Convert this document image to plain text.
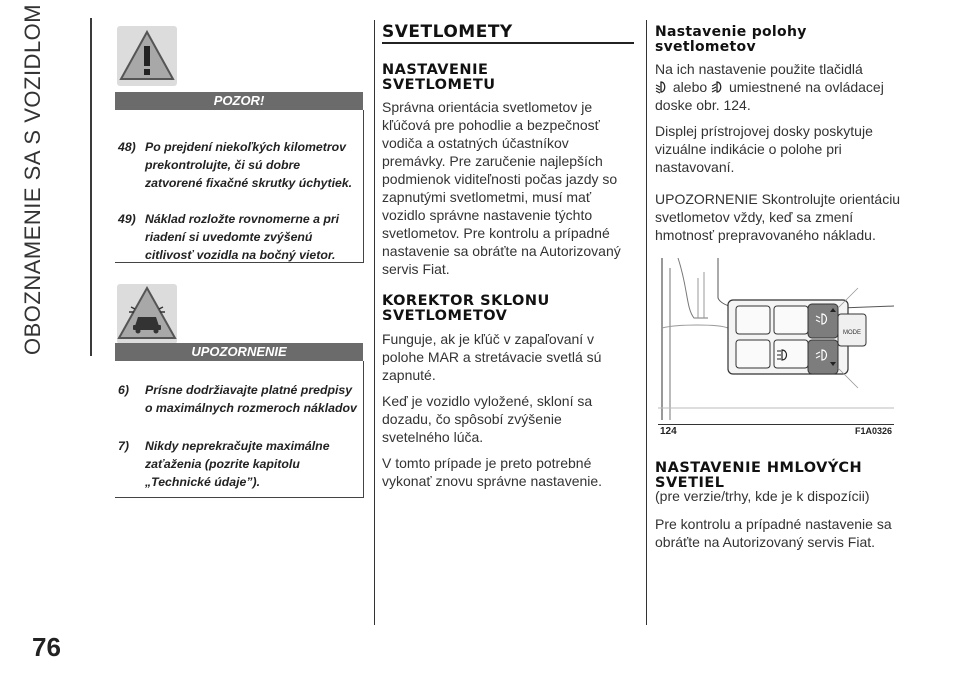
OBOZNAMENIE SA S VOZIDLOM
76
POZOR!
48) Po prejdení niekoľkých kilometrov prekontrolujte, či sú dobre zatvorené fixačné skrutky úchytiek.
49) Náklad rozložte rovnomerne a pri riadení si uvedomte zvýšenú citlivosť vozidla na bočný vietor.
UPOZORNENIE
6)	Prísne dodržiavajte platné predpisy o maximálnych rozmeroch nákladov
7)	Nikdy neprekračujte maximálne zaťaženia (pozrite kapitolu „Technické údaje”).
SVETLOMETY
NASTAVENIE
SVETLOMETU
Správna orientácia svetlometov je
kľúčová pre pohodlie a bezpečnosť
vodiča a ostatných účastníkov
premávky. Pre zaručenie najlepších
podmienok viditeľnosti počas jazdy so
zapnutými svetlometmi, musí mať
vozidlo správne nastavenie týchto
svetlometov. Pre kontrolu a prípadné
nastavenie sa obráťte na Autorizovaný
servis Fiat.
KOREKTOR SKLONU
SVETLOMETOV
Funguje, ak je kľúč v zapaľovaní v
polohe MAR a stretávacie svetlá sú
zapnuté.
Keď je vozidlo vyložené, skloní sa
dozadu, čo spôsobí zvýšenie
svetelného lúča.
V tomto prípade je preto potrebné
vykonať znovu správne nastavenie.
Nastavenie polohy
svetlometov
Na ich nastavenie použite tlačidlá
alebo umiestnené na ovládacej
doske obr. 124.
Displej prístrojovej dosky poskytuje
vizuálne indikácie o polohe pri
nastavovaní.
UPOZORNENIE Skontrolujte orientáciu
svetlometov vždy, keď sa zmení
hmotnosť prepravovaného nákladu.
MODE
124	F1A0326
NASTAVENIE HMLOVÝCH
SVETIEL
(pre verzie/trhy, kde je k dispozícii)
Pre kontrolu a prípadné nastavenie sa
obráťte na Autorizovaný servis Fiat.
